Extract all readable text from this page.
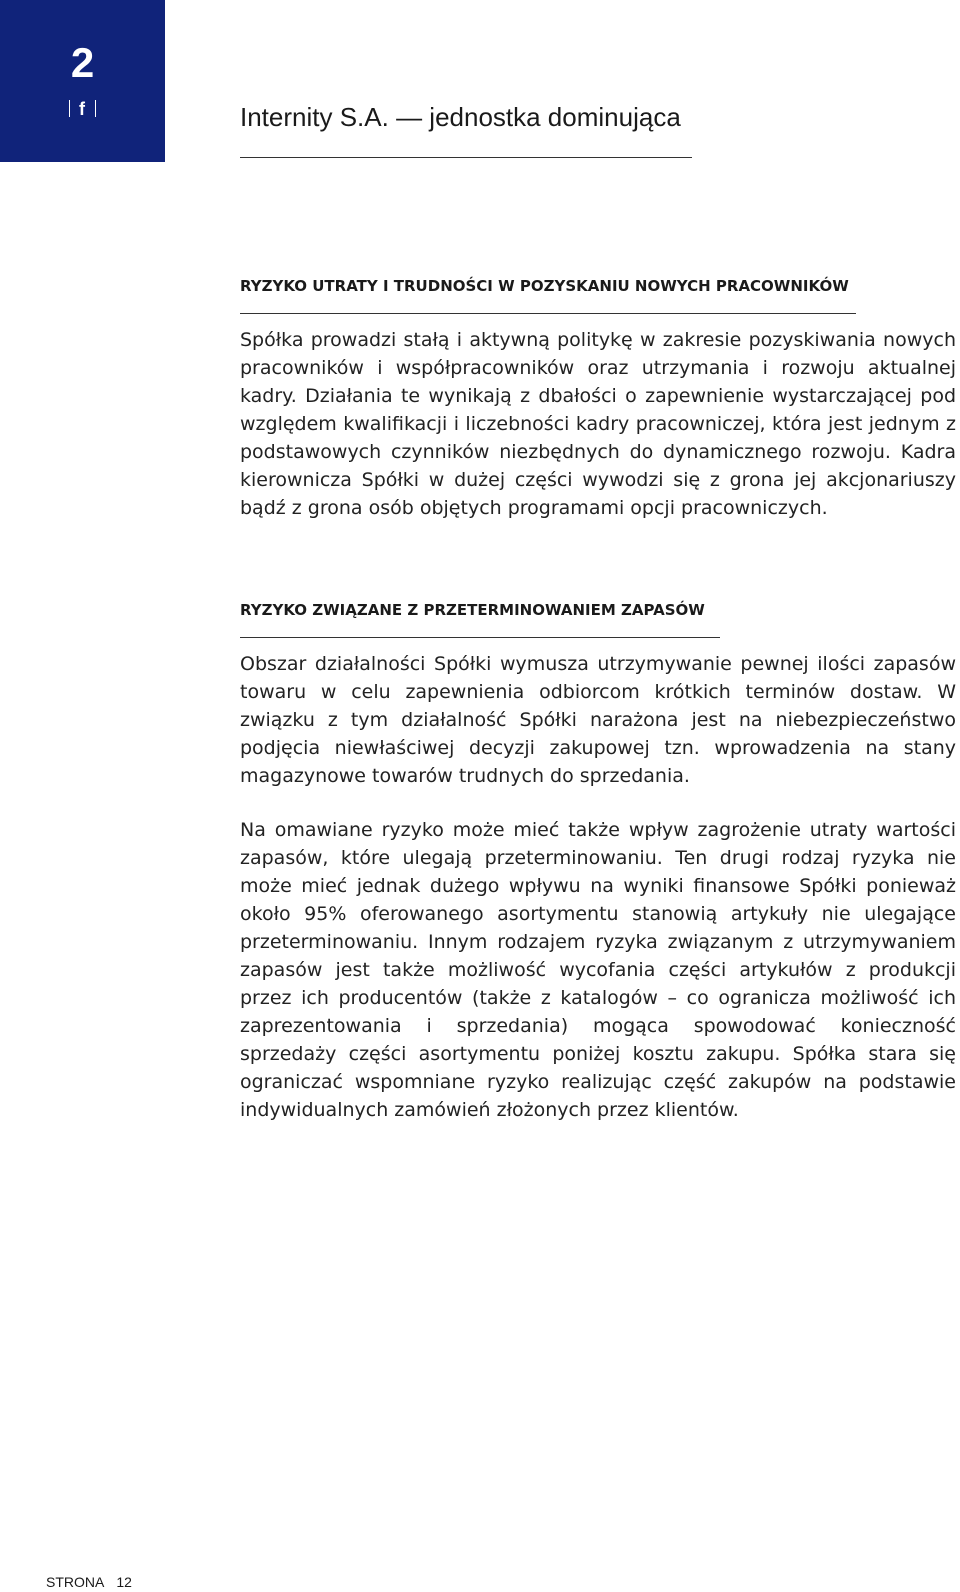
2
f	Internity S.A. — jednostka dominująca
RYZYKO UTRATY I TRUDNOŚCI W POZYSKANIU NOWYCH PRACOWNIKÓW

Spółka prowadzi stałą i aktywną politykę w zakresie pozyskiwania nowych pracowników i współpracowników oraz utrzymania i rozwoju aktualnej kadry. Działania te wynikają z dbałości o zapewnienie wystarczającej pod względem kwalifikacji i liczebności kadry pracowniczej, która jest jednym z podstawowych czynników niezbędnych do dynamicznego rozwoju. Kadra kierownicza Spółki w dużej części wywodzi się z grona jej akcjonariuszy bądź z grona osób objętych programami opcji pracowniczych.

RYZYKO ZWIĄZANE Z PRZETERMINOWANIEM ZAPASÓW

Obszar działalności Spółki wymusza utrzymywanie pewnej ilości zapasów towaru w celu zapewnienia odbiorcom krótkich terminów dostaw. W związku z tym działalność Spółki narażona jest na niebezpieczeństwo podjęcia niewłaściwej decyzji zakupowej tzn. wprowadzenia na stany magazynowe towarów trudnych do sprzedania.

Na omawiane ryzyko może mieć także wpływ zagrożenie utraty wartości zapasów, które ulegają przeterminowaniu. Ten drugi rodzaj ryzyka nie może mieć jednak dużego wpływu na wyniki finansowe Spółki ponieważ około 95% oferowanego asortymentu stanowią artykuły nie ulegające przeterminowaniu. Innym rodzajem ryzyka związanym z utrzymywaniem zapasów jest także możliwość wycofania części artykułów z produkcji przez ich producentów (także z katalogów – co ogranicza możliwość ich zaprezentowania i sprzedania) mogąca spowodować konieczność sprzedaży części asortymentu poniżej kosztu zakupu. Spółka stara się ograniczać wspomniane ryzyko realizując część zakupów na podstawie indywidualnych zamówień złożonych przez klientów.

STRONA 12
